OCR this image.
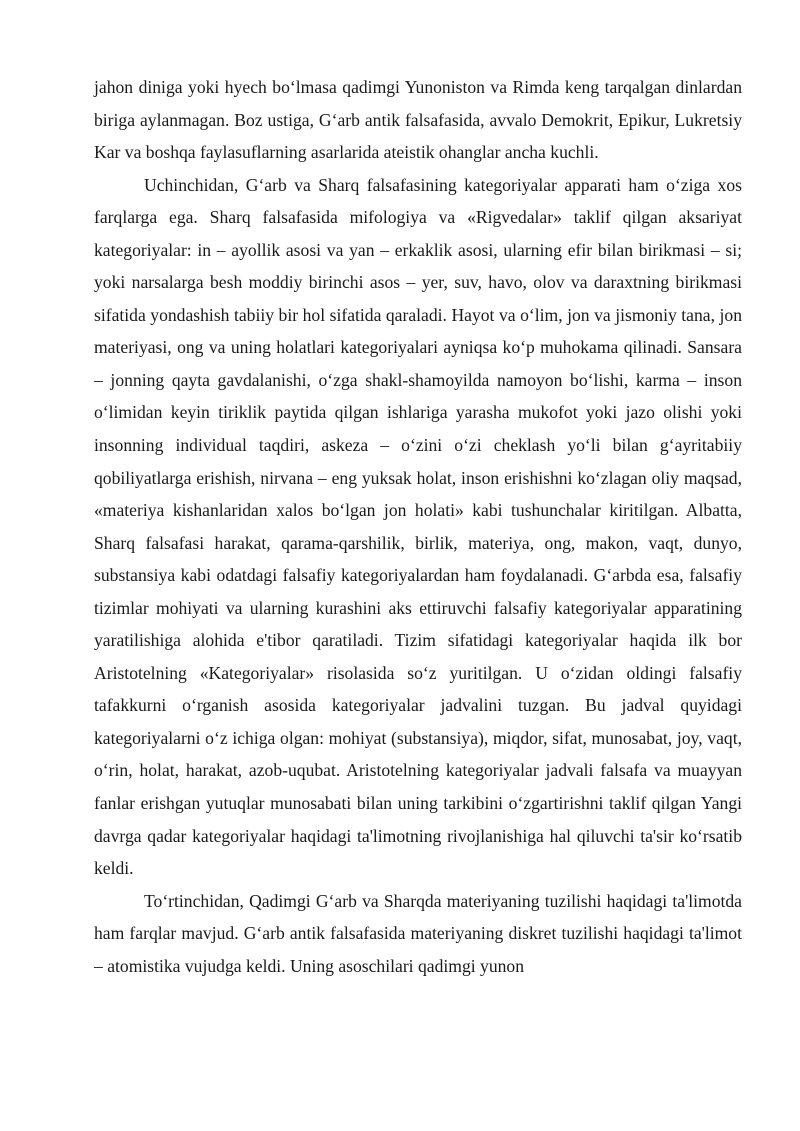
jahon diniga yoki hyech bo‘lmasa qadimgi Yunoniston va Rimda keng tarqalgan dinlardan biriga aylanmagan. Boz ustiga, G‘arb antik falsafasida, avvalo Demokrit, Epikur, Lukretsiy Kar va boshqa faylasuflarning asarlarida ateistik ohanglar ancha kuchli.

Uchinchidan, G‘arb va Sharq falsafasining kategoriyalar apparati ham o‘ziga xos farqlarga ega. Sharq falsafasida mifologiya va «Rigvedalar» taklif qilgan aksariyat kategoriyalar: in – ayollik asosi va yan – erkaklik asosi, ularning efir bilan birikmasi – si; yoki narsalarga besh moddiy birinchi asos – yer, suv, havo, olov va daraxtning birikmasi sifatida yondashish tabiiy bir hol sifatida qaraladi. Hayot va o‘lim, jon va jismoniy tana, jon materiyasi, ong va uning holatlari kategoriyalari ayniqsa ko‘p muhokama qilinadi. Sansara – jonning qayta gavdalanishi, o‘zga shakl-shamoyilda namoyon bo‘lishi, karma – inson o‘limidan keyin tiriklik paytida qilgan ishlariga yarasha mukofot yoki jazo olishi yoki insonning individual taqdiri, askeza – o‘zini o‘zi cheklash yo‘li bilan g‘ayritabiiy qobiliyatlarga erishish, nirvana – eng yuksak holat, inson erishishni ko‘zlagan oliy maqsad, «materiya kishanlaridan xalos bo‘lgan jon holati» kabi tushunchalar kiritilgan. Albatta, Sharq falsafasi harakat, qarama-qarshilik, birlik, materiya, ong, makon, vaqt, dunyo, substansiya kabi odatdagi falsafiy kategoriyalardan ham foydalanadi. G‘arbda esa, falsafiy tizimlar mohiyati va ularning kurashini aks ettiruvchi falsafiy kategoriyalar apparatining yaratilishiga alohida e'tibor qaratiladi. Tizim sifatidagi kategoriyalar haqida ilk bor Aristotelning «Kategoriyalar» risolasida so‘z yuritilgan. U o‘zidan oldingi falsafiy tafakkurni o‘rganish asosida kategoriyalar jadvalini tuzgan. Bu jadval quyidagi kategoriyalarni o‘z ichiga olgan: mohiyat (substansiya), miqdor, sifat, munosabat, joy, vaqt, o‘rin, holat, harakat, azob-uqubat. Aristotelning kategoriyalar jadvali falsafa va muayyan fanlar erishgan yutuqlar munosabati bilan uning tarkibini o‘zgartirishni taklif qilgan Yangi davrga qadar kategoriyalar haqidagi ta'limotning rivojlanishiga hal qiluvchi ta'sir ko‘rsatib keldi.

To‘rtinchidan, Qadimgi G‘arb va Sharqda materiyaning tuzilishi haqidagi ta'limotda ham farqlar mavjud. G‘arb antik falsafasida materiyaning diskret tuzilishi haqidagi ta'limot – atomistika vujudga keldi. Uning asoschilari qadimgi yunon
